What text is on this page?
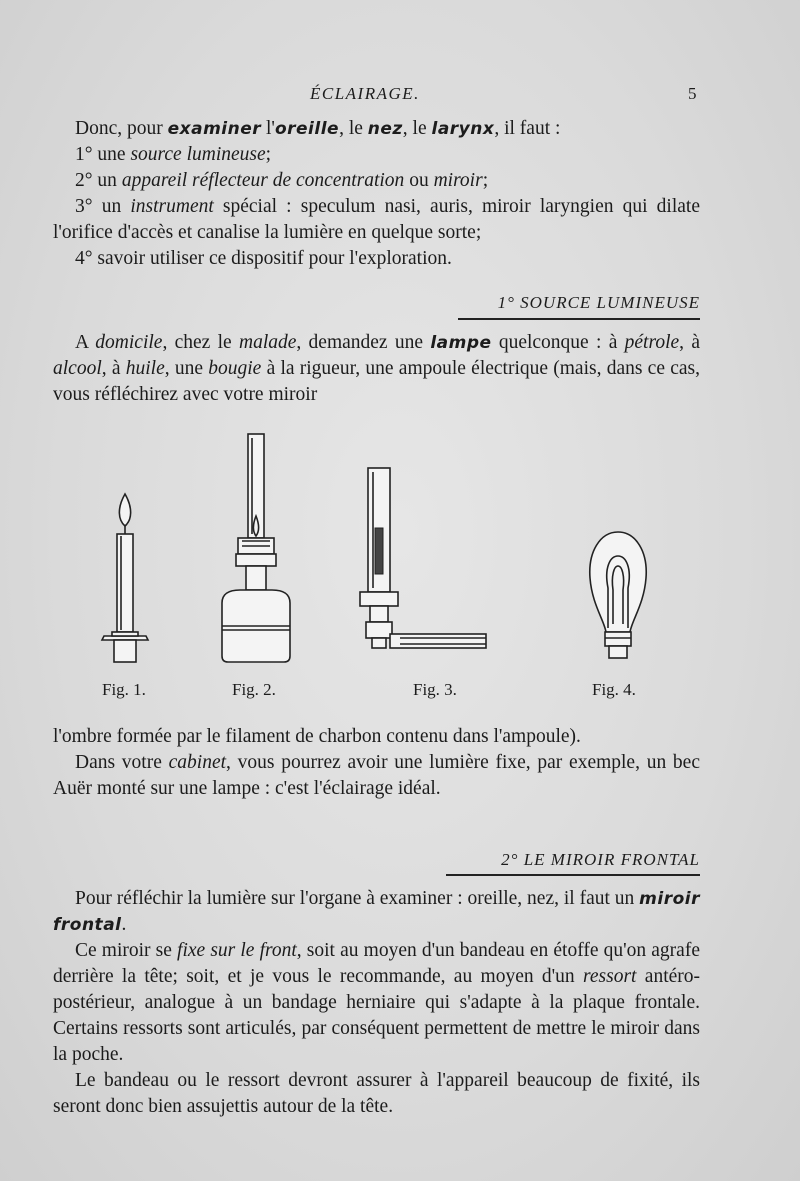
ÉCLAIRAGE.	5

Donc, pour examiner l'oreille, le nez, le larynx, il faut :

1° une source lumineuse;

2° un appareil réflecteur de concentration ou miroir;

3° un instrument spécial : speculum nasi, auris, miroir laryngien qui dilate l'orifice d'accès et canalise la lumière en quelque sorte;

4° savoir utiliser ce dispositif pour l'exploration.

1° SOURCE LUMINEUSE

A domicile, chez le malade, demandez une lampe quelconque : à pétrole, à alcool, à huile, une bougie à la rigueur, une ampoule électrique (mais, dans ce cas, vous réfléchirez avec votre miroir

Fig. 1.	Fig. 2.	Fig. 3.	Fig. 4.

l'ombre formée par le filament de charbon contenu dans l'ampoule).

Dans votre cabinet, vous pourrez avoir une lumière fixe, par exemple, un bec Auër monté sur une lampe : c'est l'éclairage idéal.

2° LE MIROIR FRONTAL

Pour réfléchir la lumière sur l'organe à examiner : oreille, nez, il faut un miroir frontal.

Ce miroir se fixe sur le front, soit au moyen d'un bandeau en étoffe qu'on agrafe derrière la tête; soit, et je vous le recommande, au moyen d'un ressort antéro-postérieur, analogue à un bandage herniaire qui s'adapte à la plaque frontale. Certains ressorts sont articulés, par conséquent permettent de mettre le miroir dans la poche.

Le bandeau ou le ressort devront assurer à l'appareil beaucoup de fixité, ils seront donc bien assujettis autour de la tête.
